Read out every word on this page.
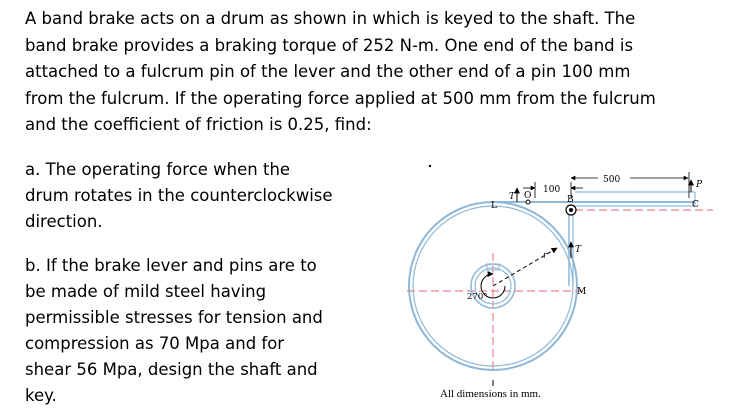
A band brake acts on a drum as shown in which is keyed to the shaft. The

band brake provides a braking torque of 252 N-m. One end of the band is

attached to a fulcrum pin of the lever and the other end of a pin 100 mm

from the fulcrum. If the operating force applied at 500 mm from the fulcrum

and the coefficient of friction is 0.25, find:

a. The operating force when the
drum rotates in the counterclockwise
direction.
b. If the brake lever and pins are to
be made of mild steel having
permissible stresses for tension and
compression as 70 Mpa and for
shear 56 Mpa, design the shaft and
key.
r
270°
L
T O	B
100
500	P
C
T
M
All dimensions in mm.
